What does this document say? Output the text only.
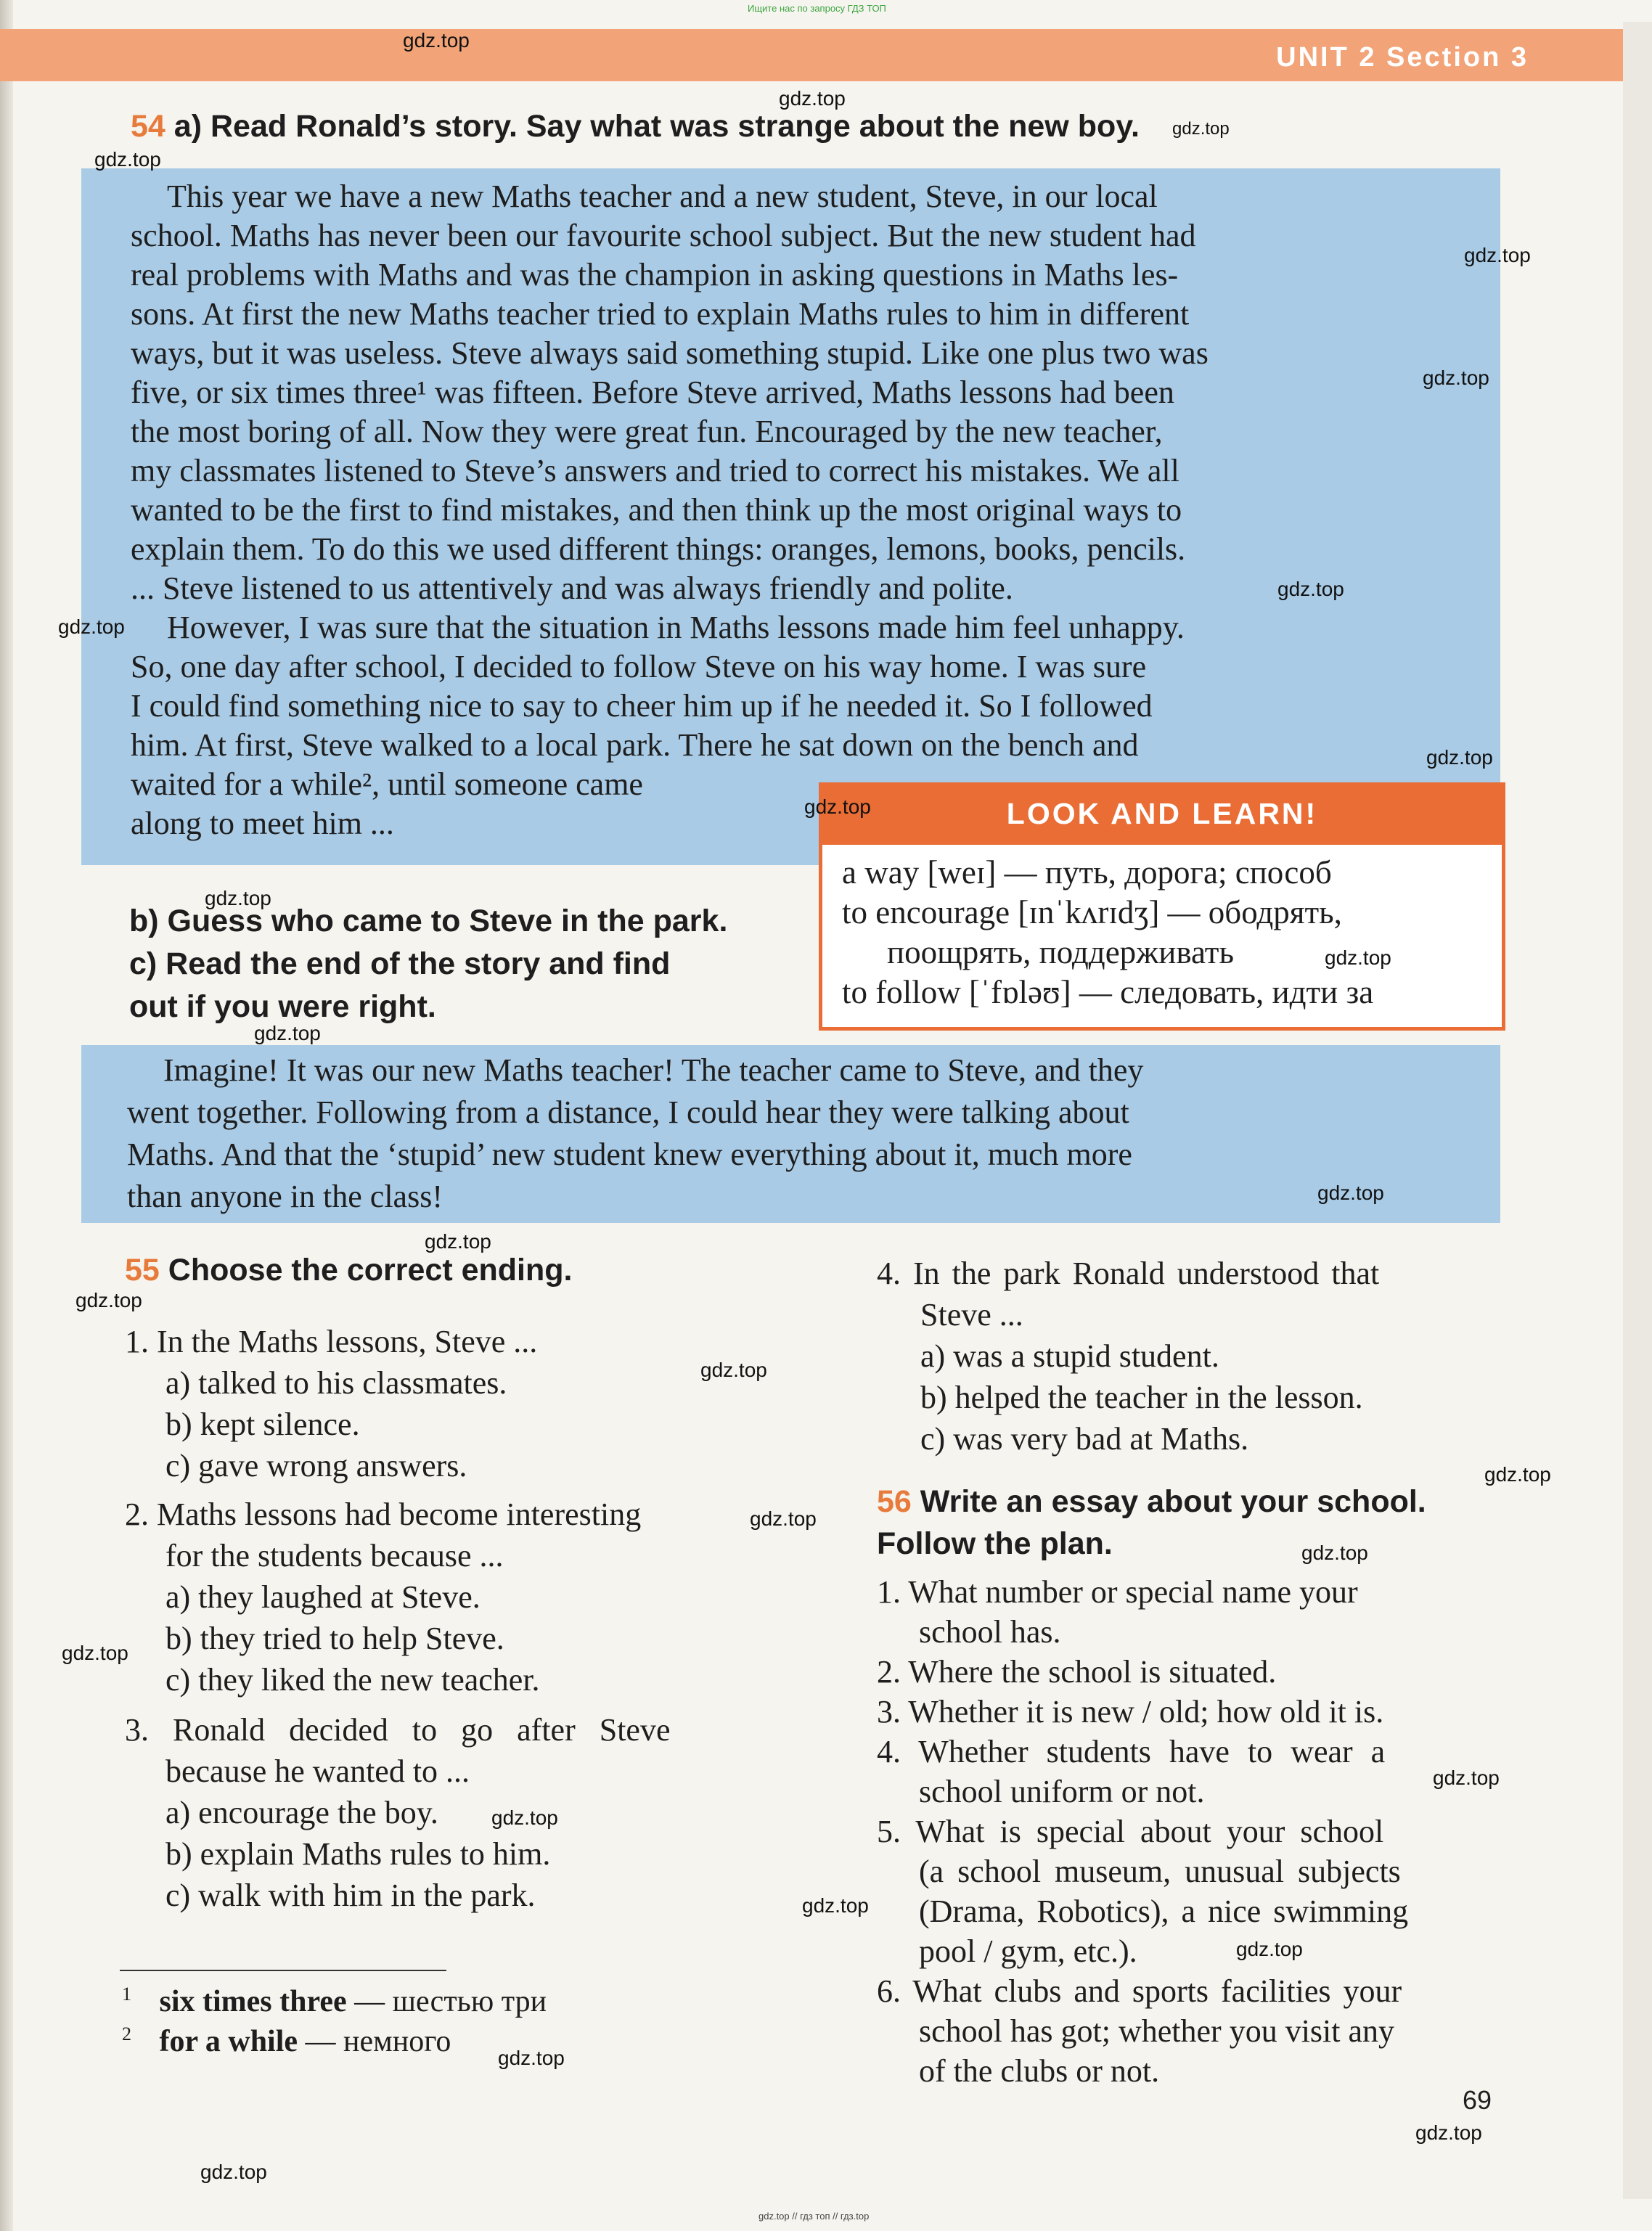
Ищите нас по запросу ГДЗ ТОП
UNIT 2 Section 3
54 a) Read Ronald’s story. Say what was strange about the new boy.

This year we have a new Maths teacher and a new student, Steve, in our local

school. Maths has never been our favourite school subject. But the new student had

real problems with Maths and was the champion in asking questions in Maths les-

sons. At first the new Maths teacher tried to explain Maths rules to him in different

ways, but it was useless. Steve always said something stupid. Like one plus two was

five, or six times three¹ was fifteen. Before Steve arrived, Maths lessons had been

the most boring of all. Now they were great fun. Encouraged by the new teacher,

my classmates listened to Steve’s answers and tried to correct his mistakes. We all

wanted to be the first to find mistakes, and then think up the most original ways to

explain them. To do this we used different things: oranges, lemons, books, pencils.

... Steve listened to us attentively and was always friendly and polite.

However, I was sure that the situation in Maths lessons made him feel unhappy.

So, one day after school, I decided to follow Steve on his way home. I was sure

I could find something nice to say to cheer him up if he needed it. So I followed

him. At first, Steve walked to a local park. There he sat down on the bench and

waited for a while², until someone came

along to meet him ...	LOOK AND LEARN!
a way [weɪ] — путь, дорога; способ
to encourage [ɪnˈkʌrɪdʒ] — ободрять,
поощрять, поддерживать
to follow [ˈfɒləʊ] — следовать, идти за
b) Guess who came to Steve in the park.
c) Read the end of the story and find
out if you were right.

Imagine! It was our new Maths teacher! The teacher came to Steve, and they

went together. Following from a distance, I could hear they were talking about

Maths. And that the ‘stupid’ new student knew everything about it, much more

than anyone in the class!

55 Choose the correct ending.
1. In the Maths lessons, Steve ...
a) talked to his classmates.
b) kept silence.
c) gave wrong answers.
2. Maths lessons had become interesting
for the students because ...
a) they laughed at Steve.
b) they tried to help Steve.
c) they liked the new teacher.
3. Ronald decided to go after Steve
because he wanted to ...
a) encourage the boy.
b) explain Maths rules to him.
c) walk with him in the park.
4. In the park Ronald understood that
Steve ...
a) was a stupid student.
b) helped the teacher in the lesson.
c) was very bad at Maths.
56 Write an essay about your school.
Follow the plan.
1. What number or special name your
school has.
2. Where the school is situated.
3. Whether it is new / old; how old it is.
4. Whether students have to wear a
school uniform or not.
5. What is special about your school
(a school museum, unusual subjects
(Drama, Robotics), a nice swimming
pool / gym, etc.).
6. What clubs and sports facilities your
school has got; whether you visit any
of the clubs or not.
$^1$ six times three — шестью три
$^2$ for a while — немного
69
gdz.top
gdz.top
gdz.top
gdz.top
gdz.top
gdz.top
gdz.top
gdz.top
gdz.top
gdz.top
gdz.top
gdz.top
gdz.top
gdz.top
gdz.top
gdz.top
gdz.top
gdz.top
gdz.top
gdz.top
gdz.top
gdz.top
gdz.top
gdz.top
gdz.top
gdz.top
gdz.top
gdz.top
gdz.top // гдз топ // гдз.top
